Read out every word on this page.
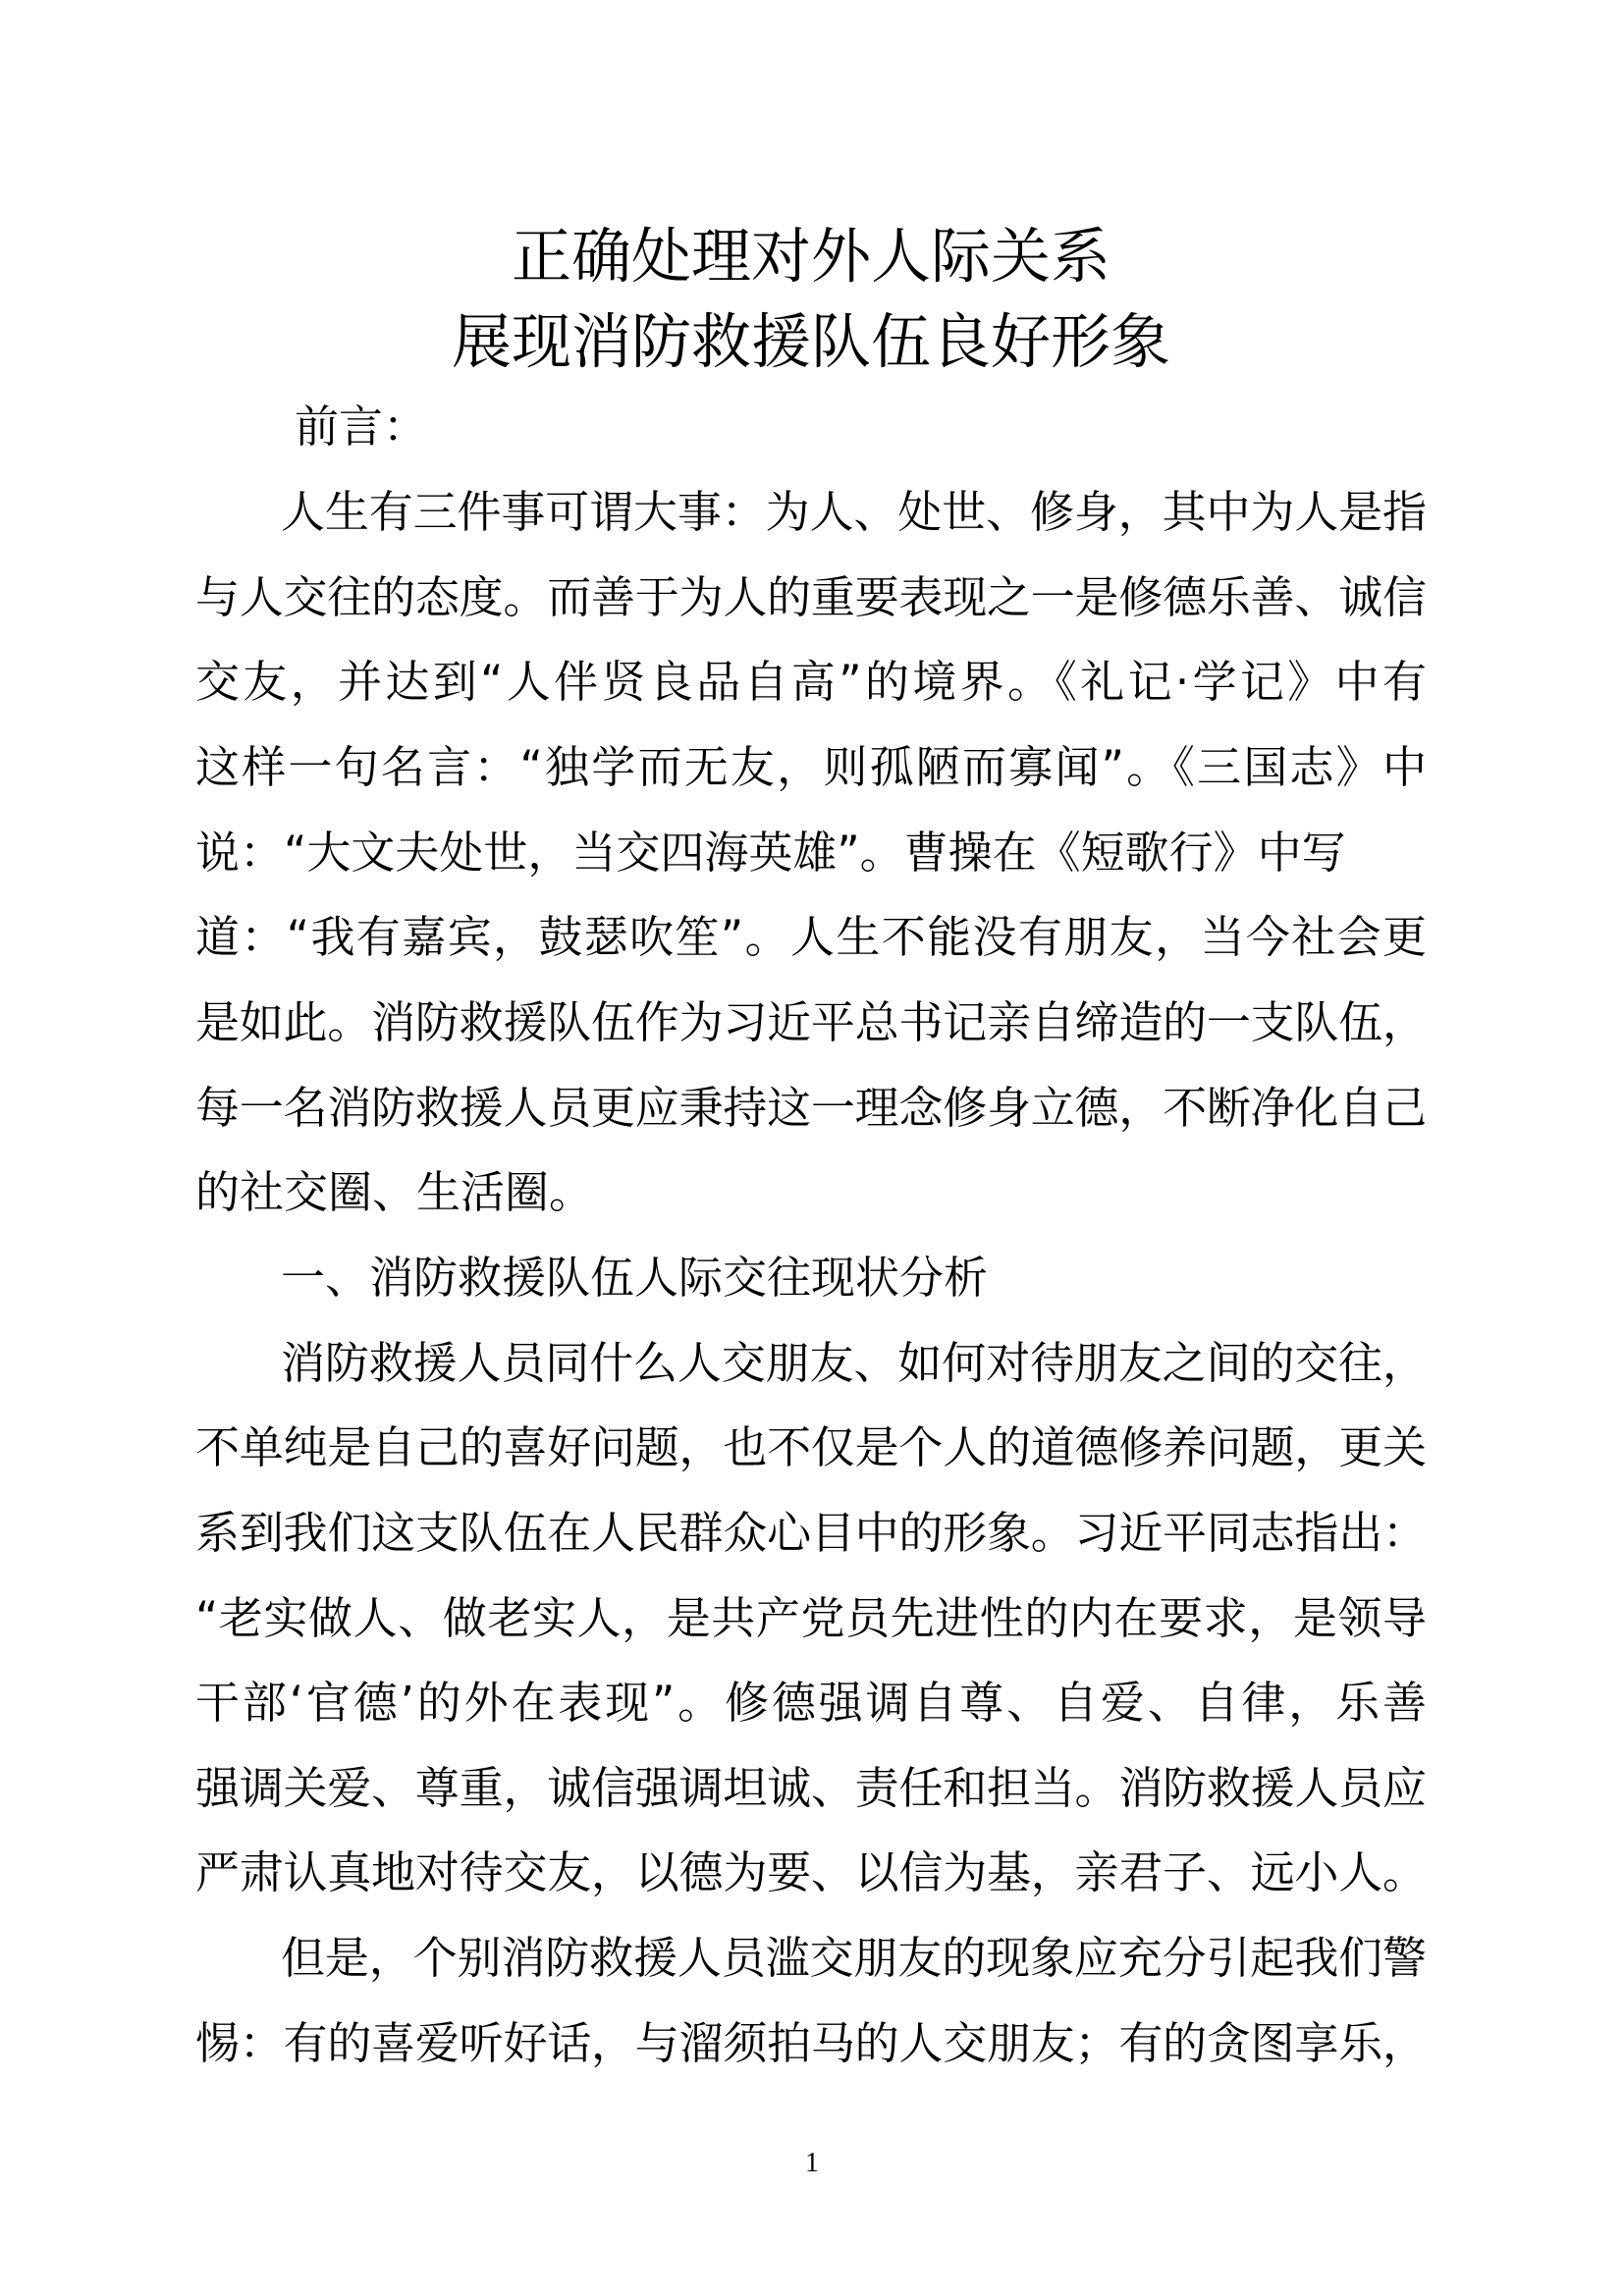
正确处理对外人际关系
展现消防救援队伍良好形象
前言：
人生有三件事可谓大事：为人、处世、修身，其中为人是指
与人交往的态度。而善于为人的重要表现之一是修德乐善、诚信
交友，并达到“人伴贤良品自高”的境界。《礼记·学记》中有
这样一句名言：“独学而无友，则孤陋而寡闻”。《三国志》中
说：“大文夫处世，当交四海英雄”。曹操在《短歌行》中写
道：“我有嘉宾，鼓瑟吹笙”。人生不能没有朋友，当今社会更
是如此。消防救援队伍作为习近平总书记亲自缔造的一支队伍，
每一名消防救援人员更应秉持这一理念修身立德，不断净化自己
的社交圈、生活圈。
一、消防救援队伍人际交往现状分析
消防救援人员同什么人交朋友、如何对待朋友之间的交往，
不单纯是自己的喜好问题，也不仅是个人的道德修养问题，更关
系到我们这支队伍在人民群众心目中的形象。习近平同志指出：
“老实做人、做老实人，是共产党员先进性的内在要求，是领导
干部‘官德’的外在表现”。修德强调自尊、自爱、自律，乐善
强调关爱、尊重，诚信强调坦诚、责任和担当。消防救援人员应
严肃认真地对待交友，以德为要、以信为基，亲君子、远小人。
但是，个别消防救援人员滥交朋友的现象应充分引起我们警
惕：有的喜爱听好话，与溜须拍马的人交朋友；有的贪图享乐，
1
